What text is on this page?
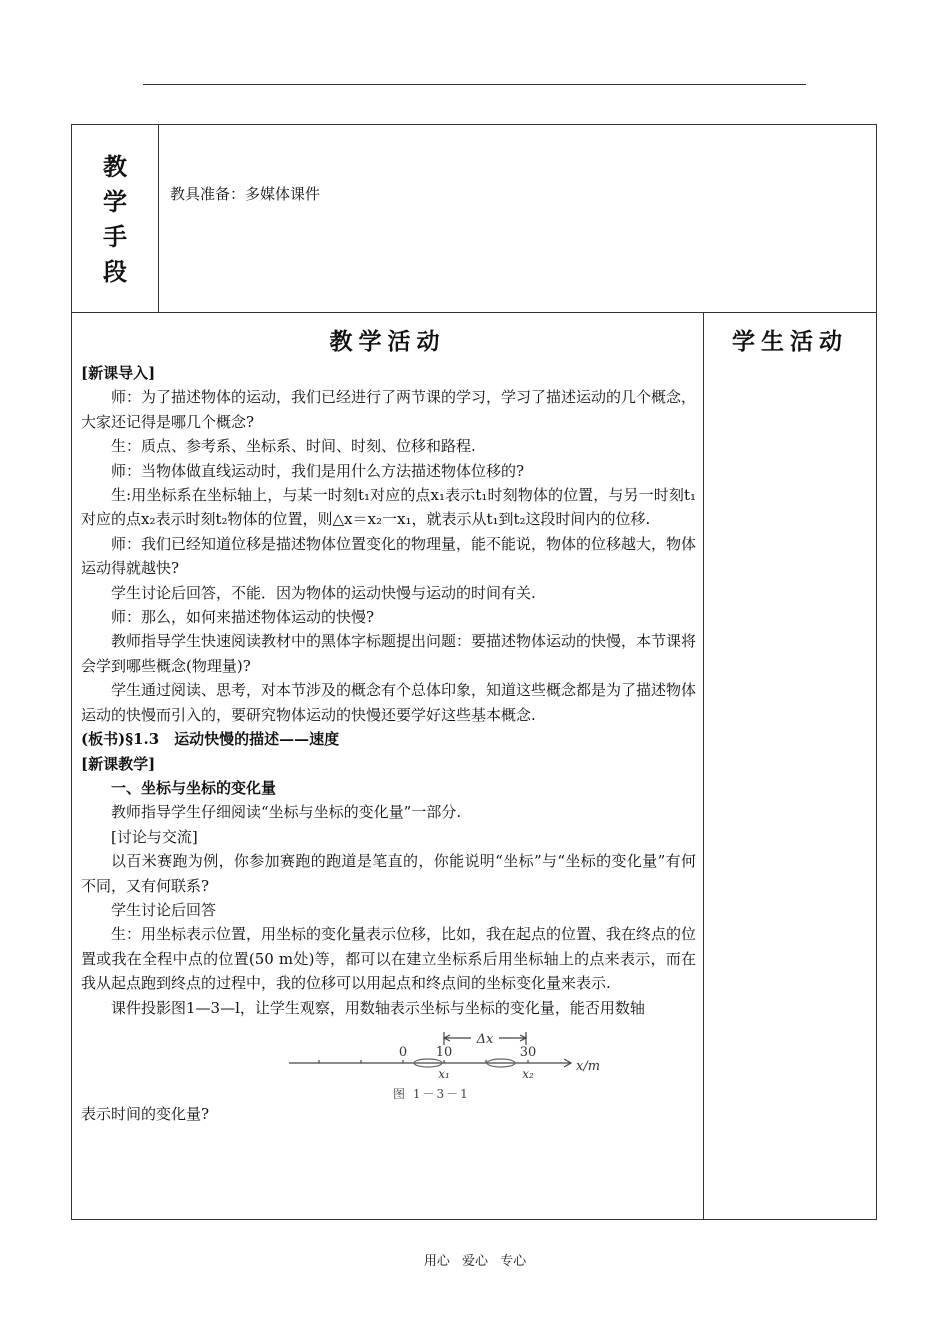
教
学
手
段
教具准备：多媒体课件
教学活动	学生活动

[新课导入]

师：为了描述物体的运动，我们已经进行了两节课的学习，学习了描述运动的几个概念，大家还记得是哪几个概念?

生：质点、参考系、坐标系、时间、时刻、位移和路程.

师：当物体做直线运动时，我们是用什么方法描述物体位移的?

生:用坐标系在坐标轴上，与某一时刻t₁对应的点x₁表示t₁时刻物体的位置，与另一时刻t₁对应的点x₂表示时刻t₂物体的位置，则△x＝x₂一x₁，就表示从t₁到t₂这段时间内的位移.

师：我们已经知道位移是描述物体位置变化的物理量，能不能说，物体的位移越大，物体运动得就越快?

学生讨论后回答，不能．因为物体的运动快慢与运动的时间有关.

师：那么，如何来描述物体运动的快慢?

教师指导学生快速阅读教材中的黑体字标题提出问题：要描述物体运动的快慢，本节课将会学到哪些概念(物理量)?

学生通过阅读、思考，对本节涉及的概念有个总体印象，知道这些概念都是为了描述物体运动的快慢而引入的，要研究物体运动的快慢还要学好这些基本概念.

(板书)§1.3　运动快慢的描述——速度

[新课教学]

一、坐标与坐标的变化量

教师指导学生仔细阅读“坐标与坐标的变化量”一部分.

[讨论与交流]

以百米赛跑为例，你参加赛跑的跑道是笔直的，你能说明“坐标”与“坐标的变化量”有何不同，又有何联系?

学生讨论后回答

生：用坐标表示位置，用坐标的变化量表示位移，比如，我在起点的位置、我在终点的位置或我在全程中点的位置(50 m处)等，都可以在建立坐标系后用坐标轴上的点来表示，而在我从起点跑到终点的过程中，我的位移可以用起点和终点间的坐标变化量来表示.

课件投影图1—3—l，让学生观察，用数轴表示坐标与坐标的变化量，能否用数轴

Δx
0 10	30
x₁	x₂	x/m
图 1－3－1

表示时间的变化量?

用心 爱心 专心
